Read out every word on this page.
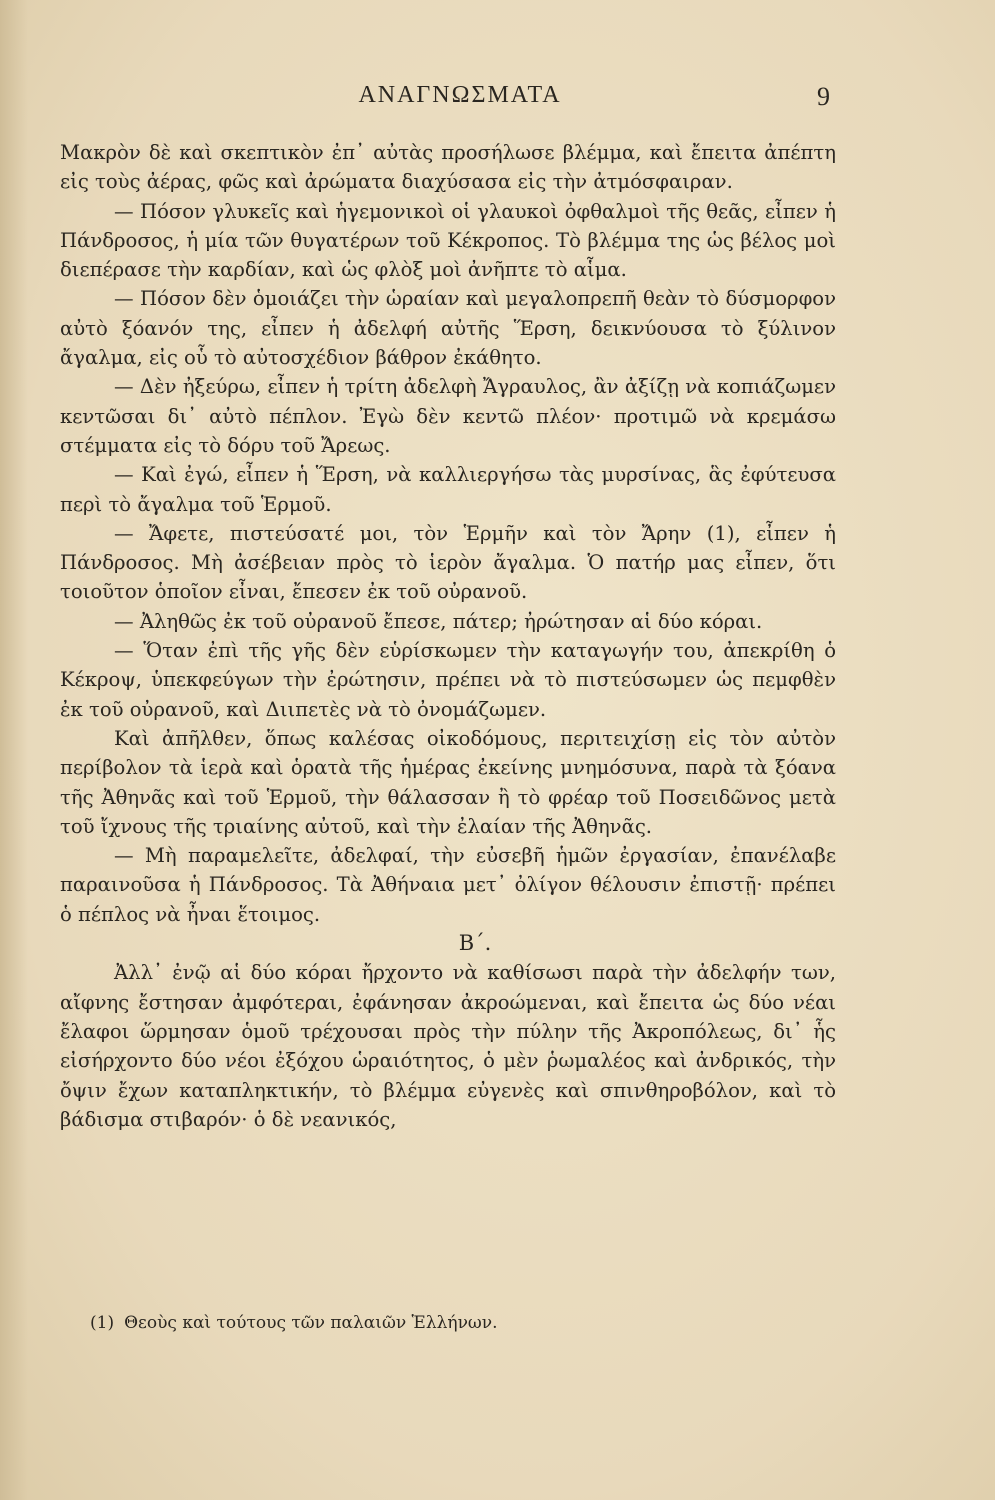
ΑΝΑΓΝΩΣΜΑΤΑ	9

Μακρὸν δὲ καὶ σκεπτικὸν ἐπ᾽ αὐτὰς προσήλωσε βλέμμα, καὶ ἔπειτα ἀπέπτη εἰς τοὺς ἀέρας, φῶς καὶ ἀρώματα διαχύσασα εἰς τὴν ἀτμόσφαιραν.

— Πόσον γλυκεῖς καὶ ἡγεμονικοὶ οἱ γλαυκοὶ ὀφθαλμοὶ τῆς θεᾶς, εἶπεν ἡ Πάνδροσος, ἡ μία τῶν θυγατέρων τοῦ Κέκροπος. Τὸ βλέμμα της ὡς βέλος μοὶ διεπέρασε τὴν καρδίαν, καὶ ὡς φλὸξ μοὶ ἀνῆπτε τὸ αἷμα.

— Πόσον δὲν ὁμοιάζει τὴν ὡραίαν καὶ μεγαλοπρεπῆ θεὰν τὸ δύσμορφον αὐτὸ ξόανόν της, εἶπεν ἡ ἀδελφή αὐτῆς Ἕρση, δεικνύουσα τὸ ξύλινον ἄγαλμα, εἰς οὗ τὸ αὐτοσχέδιον βάθρον ἐκάθητο.

— Δὲν ἠξεύρω, εἶπεν ἡ τρίτη ἀδελφὴ Ἄγραυλος, ἂν ἀξίζῃ νὰ κοπιάζωμεν κεντῶσαι δι᾽ αὐτὸ πέπλον. Ἐγὼ δὲν κεντῶ πλέον· προτιμῶ νὰ κρεμάσω στέμματα εἰς τὸ δόρυ τοῦ Ἄρεως.

— Καὶ ἐγώ, εἶπεν ἡ Ἕρση, νὰ καλλιεργήσω τὰς μυρσίνας, ἃς ἐφύτευσα περὶ τὸ ἄγαλμα τοῦ Ἑρμοῦ.

— Ἄφετε, πιστεύσατέ μοι, τὸν Ἑρμῆν καὶ τὸν Ἄρην (1), εἶπεν ἡ Πάνδροσος. Μὴ ἀσέβειαν πρὸς τὸ ἱερὸν ἄγαλμα. Ὁ πατήρ μας εἶπεν, ὅτι τοιοῦτον ὁποῖον εἶναι, ἔπεσεν ἐκ τοῦ οὐρανοῦ.

— Ἀληθῶς ἐκ τοῦ οὐρανοῦ ἔπεσε, πάτερ; ἠρώτησαν αἱ δύο κόραι.

— Ὅταν ἐπὶ τῆς γῆς δὲν εὑρίσκωμεν τὴν καταγωγήν του, ἀπεκρίθη ὁ Κέκροψ, ὑπεκφεύγων τὴν ἐρώτησιν, πρέπει νὰ τὸ πιστεύσωμεν ὡς πεμφθὲν ἐκ τοῦ οὐρανοῦ, καὶ Διιπετὲς νὰ τὸ ὀνομάζωμεν.

Καὶ ἀπῆλθεν, ὅπως καλέσας οἰκοδόμους, περιτειχίσῃ εἰς τὸν αὐτὸν περίβολον τὰ ἱερὰ καὶ ὁρατὰ τῆς ἡμέρας ἐκείνης μνημόσυνα, παρὰ τὰ ξόανα τῆς Ἀθηνᾶς καὶ τοῦ Ἑρμοῦ, τὴν θάλασσαν ἢ τὸ φρέαρ τοῦ Ποσειδῶνος μετὰ τοῦ ἴχνους τῆς τριαίνης αὐτοῦ, καὶ τὴν ἐλαίαν τῆς Ἀθηνᾶς.

— Μὴ παραμελεῖτε, ἀδελφαί, τὴν εὐσεβῆ ἡμῶν ἐργασίαν, ἐπανέλαβε παραινοῦσα ἡ Πάνδροσος. Τὰ Ἀθήναια μετ᾽ ὀλίγον θέλουσιν ἐπιστῇ· πρέπει ὁ πέπλος νὰ ἦναι ἕτοιμος.

Β΄.

Ἀλλ᾽ ἐνῷ αἱ δύο κόραι ἤρχοντο νὰ καθίσωσι παρὰ τὴν ἀδελφήν των, αἴφνης ἔστησαν ἀμφότεραι, ἐφάνησαν ἀκροώμεναι, καὶ ἔπειτα ὡς δύο νέαι ἔλαφοι ὥρμησαν ὁμοῦ τρέχουσαι πρὸς τὴν πύλην τῆς Ἀκροπόλεως, δι᾽ ἧς εἰσήρχοντο δύο νέοι ἐξόχου ὡραιότητος, ὁ μὲν ῥωμαλέος καὶ ἀνδρικός, τὴν ὄψιν ἔχων καταπληκτικήν, τὸ βλέμμα εὐγενὲς καὶ σπινθηροβόλον, καὶ τὸ βάδισμα στιβαρόν· ὁ δὲ νεανικός,

(1) Θεοὺς καὶ τούτους τῶν παλαιῶν Ἑλλήνων.
